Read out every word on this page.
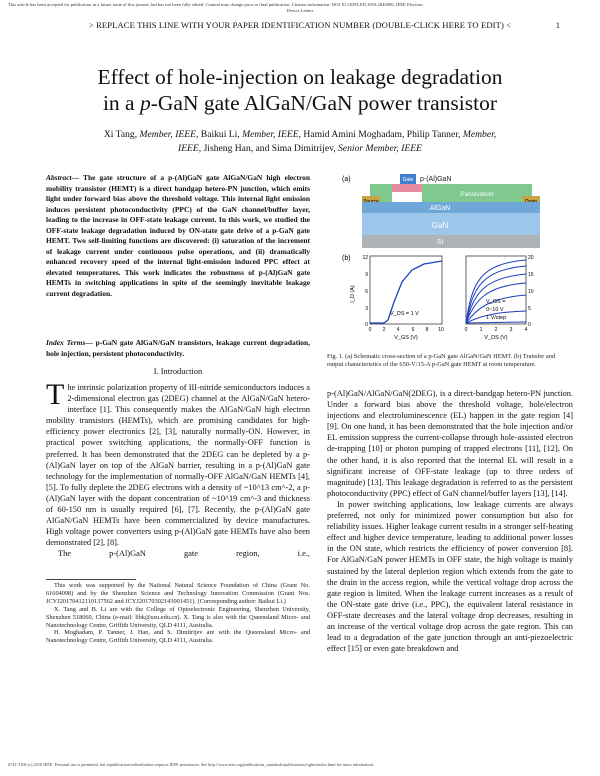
This article has been accepted for publication in a future issue of this journal, but has not been fully edited. Content may change prior to final publication. Citation information: DOI 10.1109/LED.2018.2844096, IEEE Electron
Device Letters
> REPLACE THIS LINE WITH YOUR PAPER IDENTIFICATION NUMBER (DOUBLE-CLICK HERE TO EDIT) <	1
Effect of hole-injection on leakage degradation
in a p-GaN gate AlGaN/GaN power transistor
Xi Tang, Member, IEEE, Baikui Li, Member, IEEE, Hamid Amini Moghadam, Philip Tanner, Member,
IEEE, Jisheng Han, and Sima Dimitrijev, Senior Member, IEEE
Abstract— The gate structure of a p-(Al)GaN gate AlGaN/GaN high electron mobility transistor (HEMT) is a direct bandgap hetero-PN junction, which emits light under forward bias above the threshold voltage. This internal light emission induces persistent photoconductivity (PPC) of the GaN channel/buffer layer, leading to the increase in OFF-state leakage current. In this work, we studied the OFF-state leakage degradation induced by ON-state gate drive of a p-GaN gate HEMT. Two self-limiting functions are discovered: (i) saturation of the increment of leakage current under continuous pulse operations, and (ii) dramatically enhanced recovery speed of the internal light-emission induced PPC effect at elevated temperatures. This work indicates the robustness of p-(Al)GaN gate HEMTs in switching applications in spite of the seemingly inevitable leakage current degradation.
Index Terms— p-GaN gate AlGaN/GaN transistors, leakage current degradation, hole injection, persistent photoconductivity.
I. Introduction
The intrinsic polarization property of III-nitride semiconductors induces a 2-dimensional electron gas (2DEG) channel at the AlGaN/GaN hetero-interface [1]. This consequently makes the AlGaN/GaN high electron mobility transistors (HEMTs), which are promising candidates for high-efficiency power electronics [2], [3], naturally normally-ON. However, in practical power switching applications, the normally-OFF function is preferred. It has been demonstrated that the 2DEG can be depleted by a p-(Al)GaN layer on top of the AlGaN barrier, resulting in a p-(Al)GaN gate technology for the implementation of normally-OFF AlGaN/GaN HEMTs [4], [5]. To fully deplete the 2DEG electrons with a density of ~10^13 cm^-2, a p-(Al)GaN layer with the dopant concentration of ~10^19 cm^-3 and thickness of 60-150 nm is usually required [6], [7]. Recently, the p-(Al)GaN gate AlGaN/GaN HEMTs have been commercialized by device manufactures. High voltage power converters using p-(Al)GaN gate HEMTs have also been demonstrated [2], [8].
The p-(Al)GaN gate region, i.e.,

This work was supported by the National Natural Science Foundation of China (Grant No. 61604098) and by the Shenzhen Science and Technology Innovation Commission (Grant Nos. JCYJ20170412110137562 and JCYJ20170302143001451). (Corresponding author: Baikui Li.)

X. Tang and B. Li are with the College of Optoelectronic Engineering, Shenzhen University, Shenzhen 518060, China (e-mail: libk@szu.edu.cn). X. Tang is also with the Queensland Micro- and Nanotechnology Centre, Griffith University, QLD 4111, Australia.

H. Moghadam, P. Tanner, J. Han, and S. Dimitrijev are with the Queensland Micro- and Nanotechnology Centre, Griffith University, QLD 4111, Australia.

(a)	Gate p-(Al)GaN
Passivation
AlGaN
GaN
Si
(b) 12
9
6
3
0
0 2 4 6 8 10
I_D (A)
V_GS (V)
V_DS = 1 V
20
15
10
5
0
0 1 2 3 4
V_DS (V)
V_GS =
0~10 V
1 V/step
Fig. 1. (a) Schematic cross-section of a p-GaN gate AlGaN/GaN HEMT. (b) Transfer and output characteristics of the 650-V/15-A p-GaN gate HEMT at room temperature.

p-(Al)GaN/AlGaN/GaN(2DEG), is a direct-bandgap hetero-PN junction. Under a forward bias above the threshold voltage, hole/electron injections and electroluminescence (EL) happen in the gate region [4] [9]. On one hand, it has been demonstrated that the hole injection and/or EL emission suppress the current-collapse through hole-assisted electron de-trapping [10] or photon pumping of trapped electrons [11], [12]. On the other hand, it is also reported that the internal EL will result in a significant increase of OFF-state leakage (up to three orders of magnitude) [13]. This leakage degradation is referred to as the persistent photoconductivity (PPC) effect of GaN channel/buffer layers [13], [14].

In power switching applications, low leakage currents are always preferred, not only for minimized power consumption but also for reliability issues. Higher leakage current results in a stronger self-heating effect and higher device temperature, leading to additional power losses in the ON state, which restricts the efficiency of power conversion [8]. For AlGaN/GaN power HEMTs in OFF state, the high voltage is mainly sustained by the lateral depletion region which extends from the gate to the drain in the access region, while the vertical voltage drop across the gate region is limited. When the leakage current increases as a result of the ON-state gate drive (i.e., PPC), the equivalent lateral resistance in OFF-state decreases and the lateral voltage drop decreases, resulting in an increase of the vertical voltage drop across the gate region. This can lead to a degradation of the gate junction through an anti-piezoelectric effect [15] or even gate breakdown and

0741-3106 (c) 2018 IEEE. Personal use is permitted, but republication/redistribution requires IEEE permission. See http://www.ieee.org/publications_standards/publications/rights/index.html for more information.
